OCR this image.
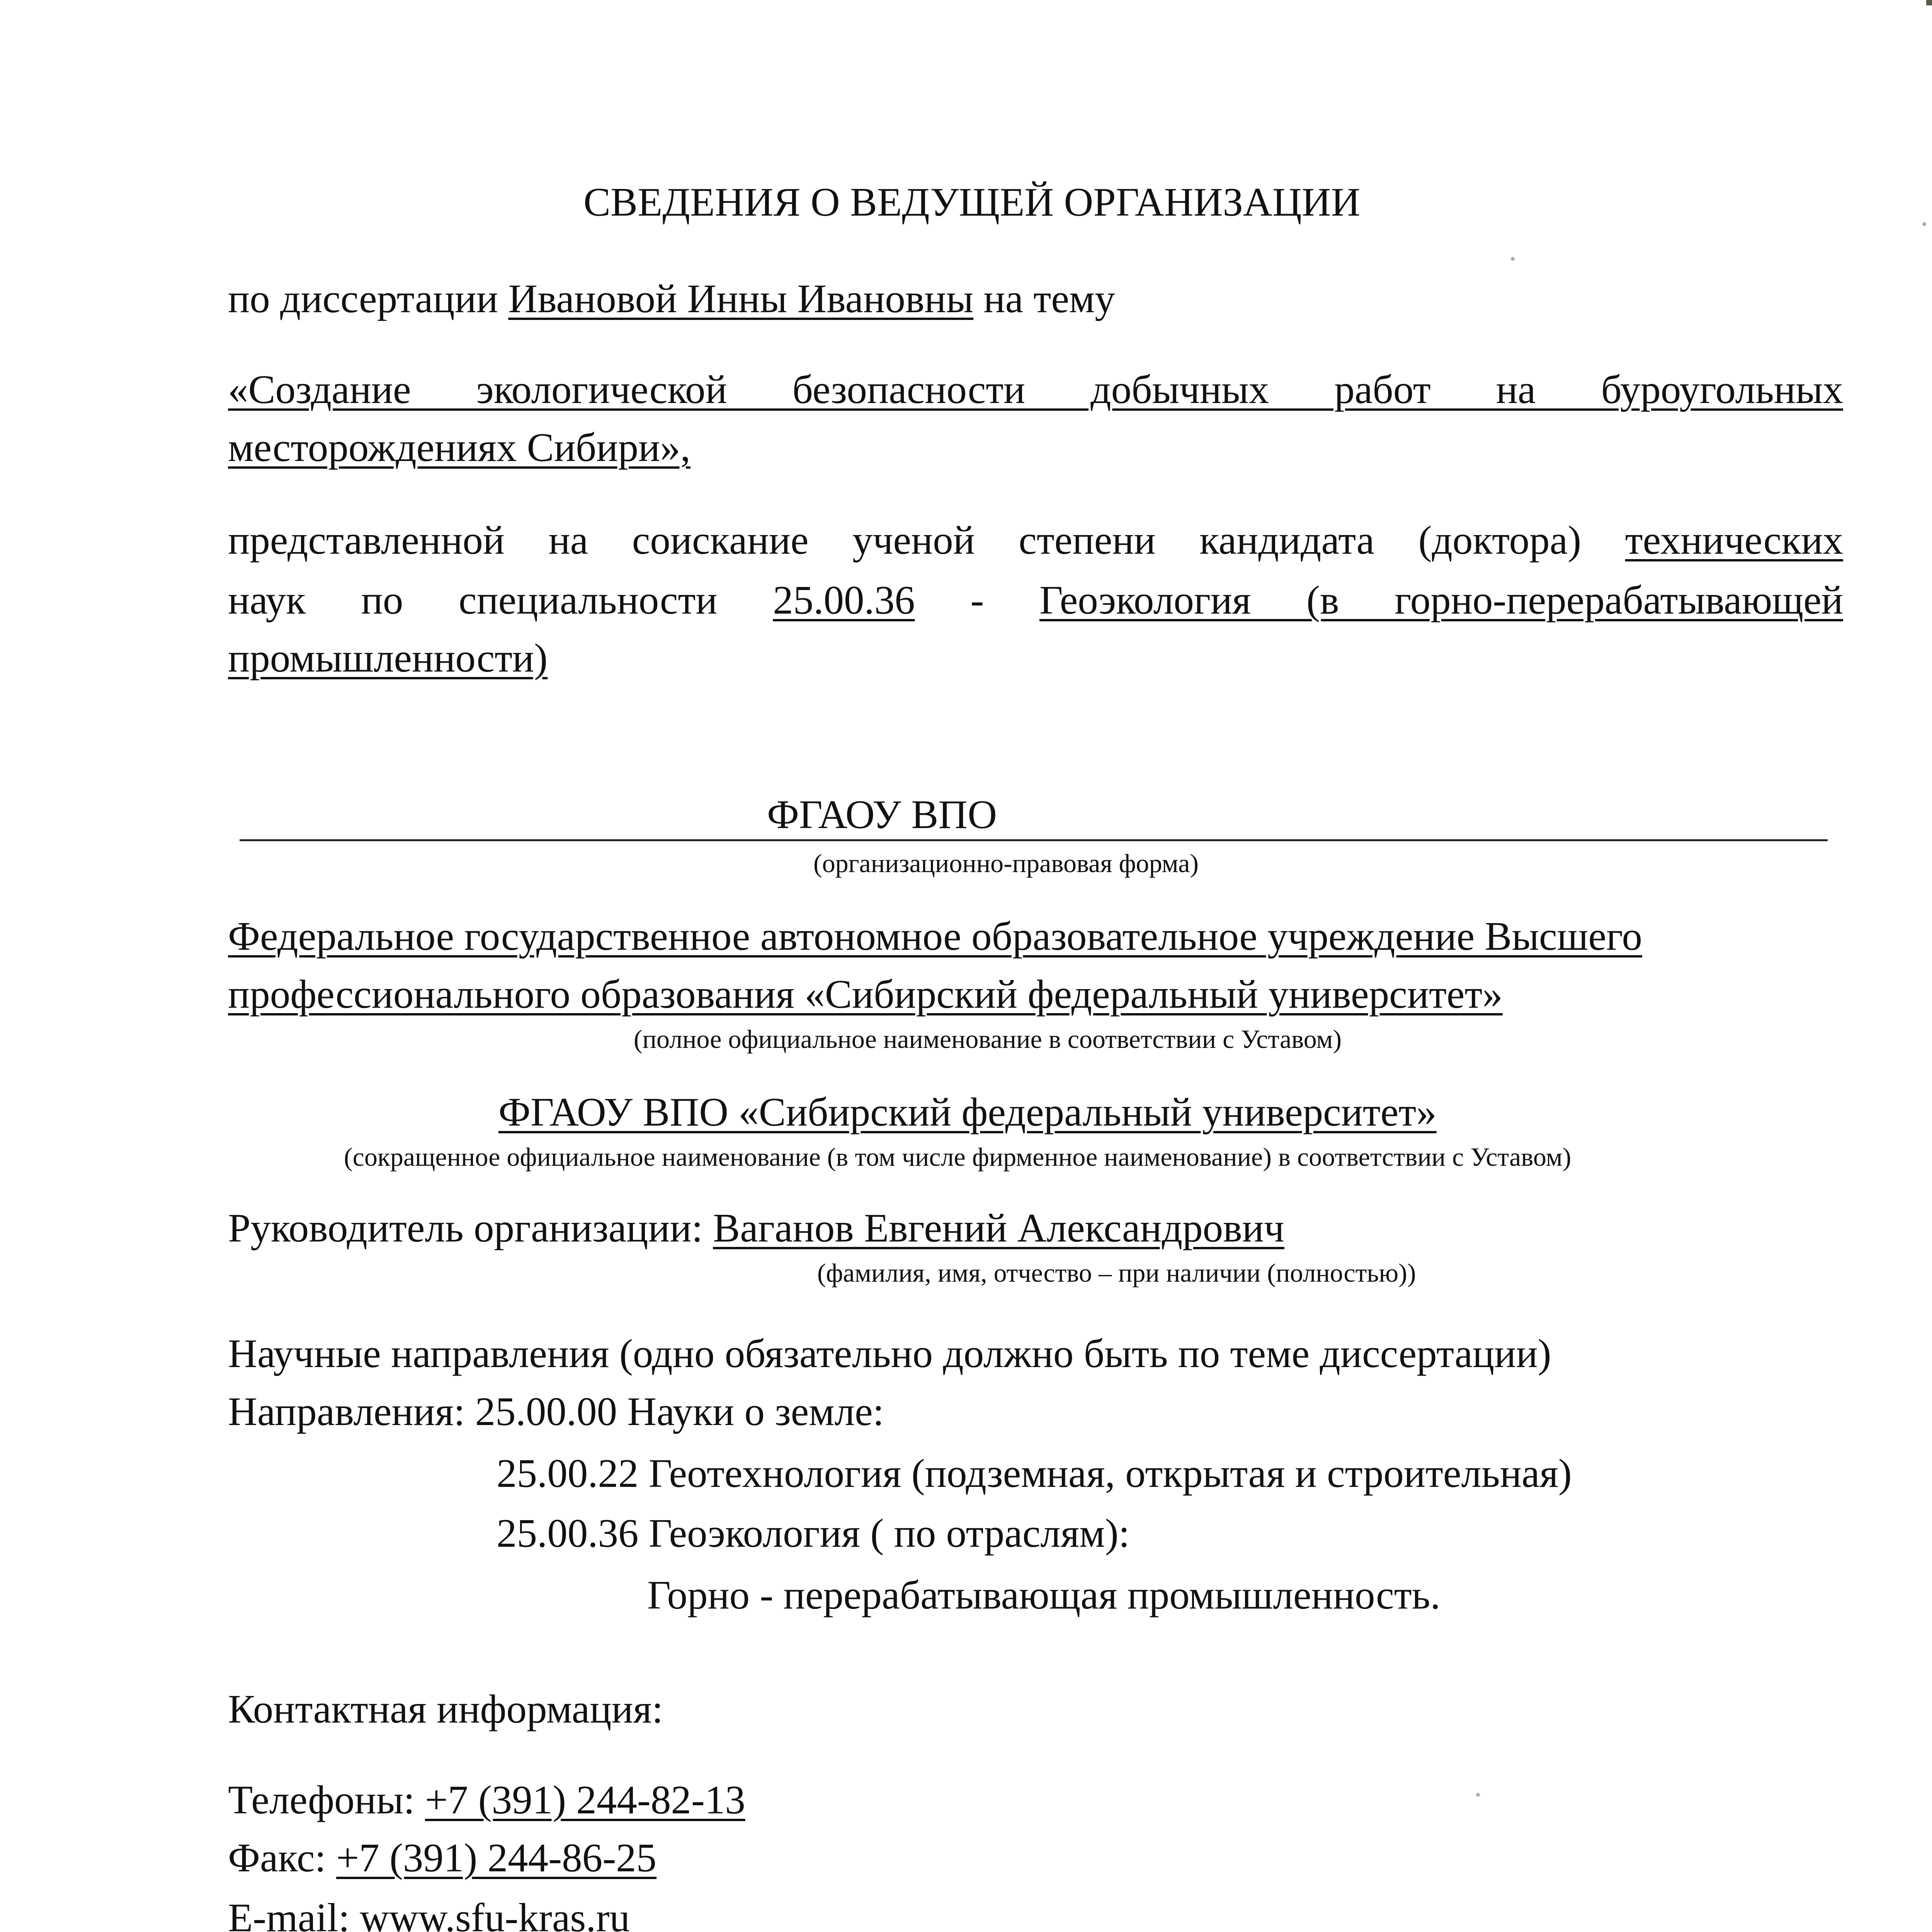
СВЕДЕНИЯ О ВЕДУЩЕЙ ОРГАНИЗАЦИИ
по диссертации Ивановой Инны Ивановны на тему
«Создание экологической безопасности добычных работ на буроугольных
месторождениях Сибири»,
представленной на соискание ученой степени кандидата (доктора) технических
наук по специальности 25.00.36 - Геоэкология (в горно-перерабатывающей
промышленности)
ФГАОУ ВПО
(организационно-правовая форма)
Федеральное государственное автономное образовательное учреждение Высшего
профессионального образования «Сибирский федеральный университет»
(полное официальное наименование в соответствии с Уставом)
ФГАОУ ВПО «Сибирский федеральный университет»
(сокращенное официальное наименование (в том числе фирменное наименование) в соответствии с Уставом)
Руководитель организации: Ваганов Евгений Александрович
(фамилия, имя, отчество – при наличии (полностью))
Научные направления (одно обязательно должно быть по теме диссертации)
Направления: 25.00.00 Науки о земле:
25.00.22 Геотехнология (подземная, открытая и строительная)
25.00.36 Геоэкология ( по отраслям):
Горно - перерабатывающая промышленность.
Контактная информация:
Телефоны: +7 (391) 244-82-13
Факс: +7 (391) 244-86-25
E-mail: www.sfu-kras.ru
